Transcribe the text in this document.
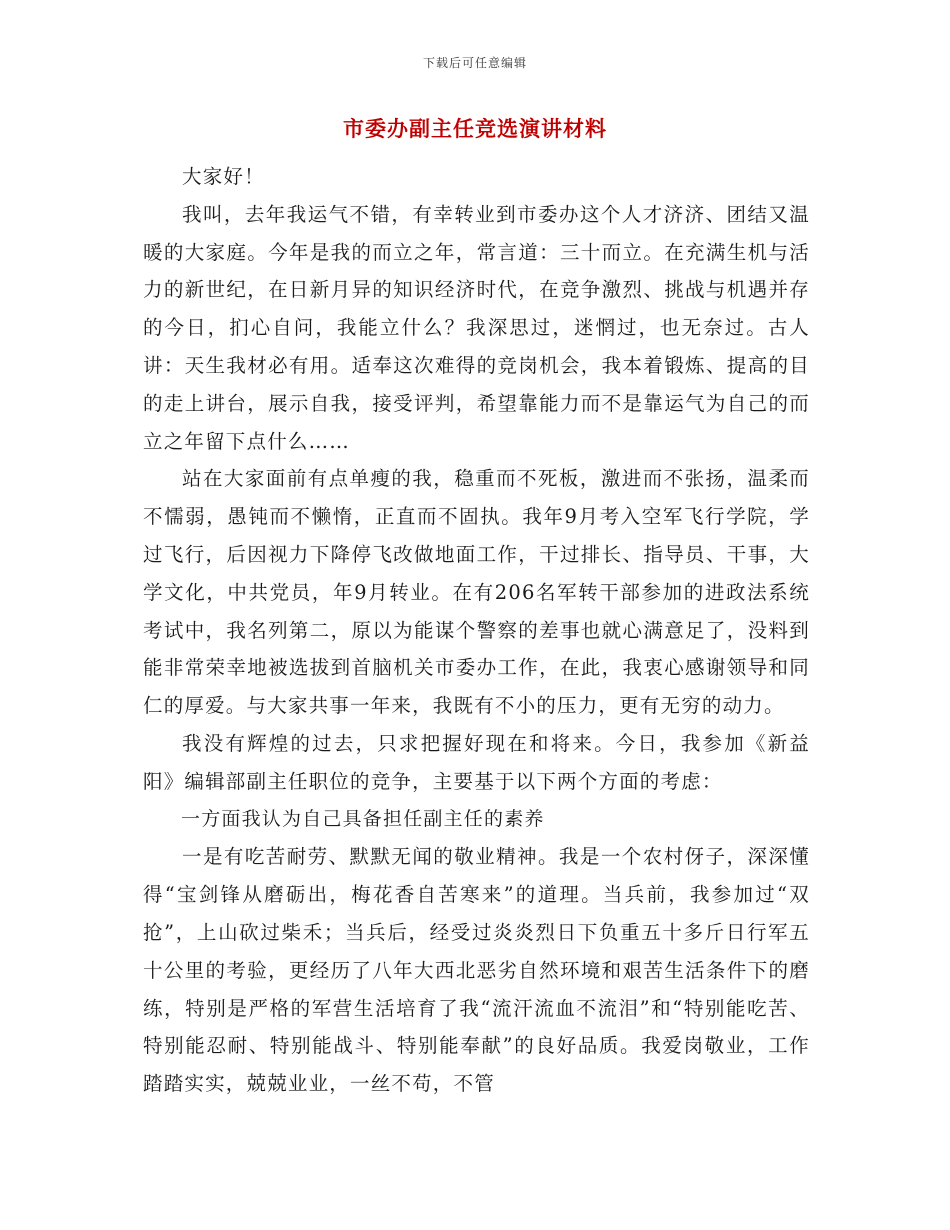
下载后可任意编辑
市委办副主任竞选演讲材料

大家好！

我叫，去年我运气不错，有幸转业到市委办这个人才济济、团结又温暖的大家庭。今年是我的而立之年，常言道：三十而立。在充满生机与活力的新世纪，在日新月异的知识经济时代，在竞争激烈、挑战与机遇并存的今日，扪心自问，我能立什么？我深思过，迷惘过，也无奈过。古人讲：天生我材必有用。适奉这次难得的竞岗机会，我本着锻炼、提高的目的走上讲台，展示自我，接受评判，希望靠能力而不是靠运气为自己的而立之年留下点什么……

站在大家面前有点单瘦的我，稳重而不死板，激进而不张扬，温柔而不懦弱，愚钝而不懒惰，正直而不固执。我年9月考入空军飞行学院，学过飞行，后因视力下降停飞改做地面工作，干过排长、指导员、干事，大学文化，中共党员，年9月转业。在有206名军转干部参加的进政法系统考试中，我名列第二，原以为能谋个警察的差事也就心满意足了，没料到能非常荣幸地被选拔到首脑机关市委办工作，在此，我衷心感谢领导和同仁的厚爱。与大家共事一年来，我既有不小的压力，更有无穷的动力。

我没有辉煌的过去，只求把握好现在和将来。今日，我参加《新益阳》编辑部副主任职位的竞争，主要基于以下两个方面的考虑：

一方面我认为自己具备担任副主任的素养

一是有吃苦耐劳、默默无闻的敬业精神。我是一个农村伢子，深深懂得“宝剑锋从磨砺出，梅花香自苦寒来”的道理。当兵前，我参加过“双抢”，上山砍过柴禾；当兵后，经受过炎炎烈日下负重五十多斤日行军五十公里的考验，更经历了八年大西北恶劣自然环境和艰苦生活条件下的磨练，特别是严格的军营生活培育了我“流汗流血不流泪”和“特别能吃苦、特别能忍耐、特别能战斗、特别能奉献”的良好品质。我爱岗敬业，工作踏踏实实，兢兢业业，一丝不苟，不管
